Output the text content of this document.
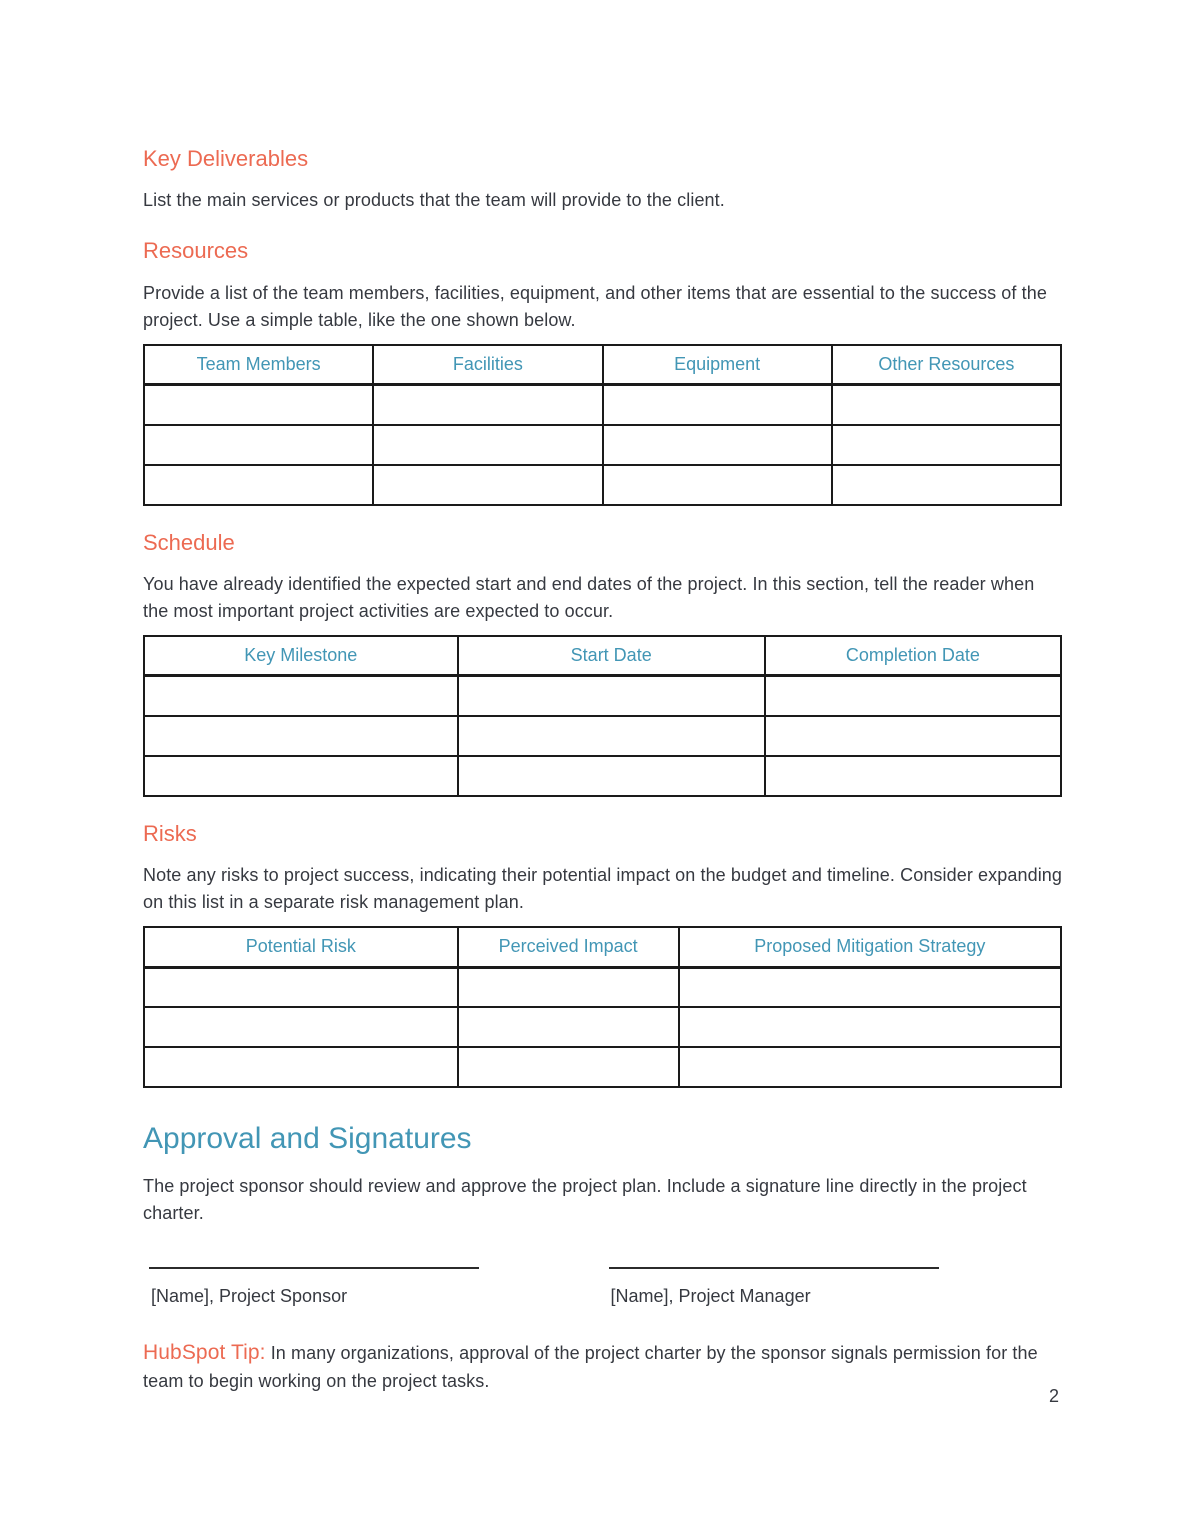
Key Deliverables

List the main services or products that the team will provide to the client.

Resources

Provide a list of the team members, facilities, equipment, and other items that are essential to the success of the project. Use a simple table, like the one shown below.

Team Members	Facilities	Equipment	Other Resources

Schedule

You have already identified the expected start and end dates of the project. In this section, tell the reader when the most important project activities are expected to occur.

Key Milestone	Start Date	Completion Date

Risks

Note any risks to project success, indicating their potential impact on the budget and timeline. Consider expanding on this list in a separate risk management plan.

Potential Risk	Perceived Impact	Proposed Mitigation Strategy

Approval and Signatures

The project sponsor should review and approve the project plan. Include a signature line directly in the project charter.

[Name], Project Sponsor	[Name], Project Manager

HubSpot Tip: In many organizations, approval of the project charter by the sponsor signals permission for the team to begin working on the project tasks.

2
